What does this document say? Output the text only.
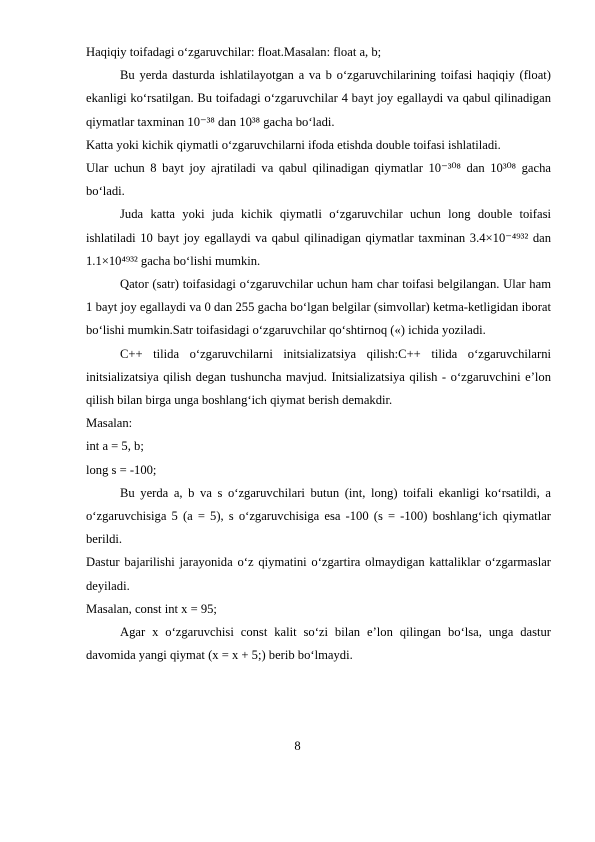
Haqiqiy toifadagi o‘zgaruvchilar: float.Masalan: float a, b;
Bu yerda dasturda ishlatilayotgan a va b o‘zgaruvchilarining toifasi haqiqiy (float) ekanligi ko‘rsatilgan. Bu toifadagi o‘zgaruvchilar 4 bayt joy egallaydi va qabul qilinadigan qiymatlar taxminan 10⁻³⁸ dan 10³⁸ gacha bo‘ladi.
Katta yoki kichik qiymatli o‘zgaruvchilarni ifoda etishda double toifasi ishlatiladi.
Ular uchun 8 bayt joy ajratiladi va qabul qilinadigan qiymatlar 10⁻³⁰⁸ dan 10³⁰⁸ gacha bo‘ladi.
Juda katta yoki juda kichik qiymatli o‘zgaruvchilar uchun long double toifasi ishlatiladi 10 bayt joy egallaydi va qabul qilinadigan qiymatlar taxminan 3.4×10⁻⁴⁹³² dan 1.1×10⁴⁹³² gacha bo‘lishi mumkin.
Qator (satr) toifasidagi o‘zgaruvchilar uchun ham char toifasi belgilangan. Ular ham 1 bayt joy egallaydi va 0 dan 255 gacha bo‘lgan belgilar (simvollar) ketma-ketligidan iborat bo‘lishi mumkin.Satr toifasidagi o‘zgaruvchilar qo‘shtirnoq («) ichida yoziladi.
C++ tilida o‘zgaruvchilarni initsializatsiya qilish:C++ tilida o‘zgaruvchilarni initsializatsiya qilish degan tushuncha mavjud. Initsializatsiya qilish - o‘zgaruvchini e’lon qilish bilan birga unga boshlang‘ich qiymat berish demakdir.
Masalan:
int a = 5, b;
long s = -100;
Bu yerda a, b va s o‘zgaruvchilari butun (int, long) toifali ekanligi ko‘rsatildi, a o‘zgaruvchisiga 5 (a = 5), s o‘zgaruvchisiga esa -100 (s = -100) boshlang‘ich qiymatlar berildi.
Dastur bajarilishi jarayonida o‘z qiymatini o‘zgartira olmaydigan kattaliklar o‘zgarmaslar deyiladi.
Masalan, const int x = 95;
Agar x o‘zgaruvchisi const kalit so‘zi bilan e’lon qilingan bo‘lsa, unga dastur davomida yangi qiymat (x = x + 5;) berib bo‘lmaydi.
8
